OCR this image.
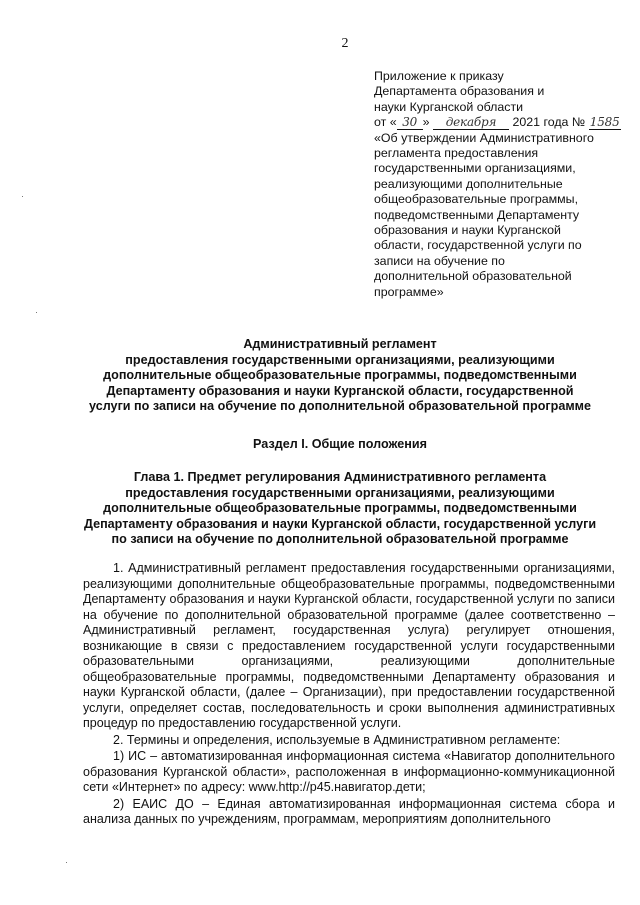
2
Приложение к приказу
Департамента образования и
науки Курганской области
от « 30 » декабря 2021 года № 1585
«Об утверждении Административного
регламента предоставления
государственными организациями,
реализующими дополнительные
общеобразовательные программы,
подведомственными Департаменту
образования и науки Курганской
области, государственной услуги по
записи на обучение по
дополнительной образовательной
программе»
Административный регламент
предоставления государственными организациями, реализующими
дополнительные общеобразовательные программы, подведомственными
Департаменту образования и науки Курганской области, государственной
услуги по записи на обучение по дополнительной образовательной программе
Раздел I. Общие положения
Глава 1. Предмет регулирования Административного регламента
предоставления государственными организациями, реализующими
дополнительные общеобразовательные программы, подведомственными
Департаменту образования и науки Курганской области, государственной услуги
по записи на обучение по дополнительной образовательной программе

1. Административный регламент предоставления государственными организациями, реализующими дополнительные общеобразовательные программы, подведомственными Департаменту образования и науки Курганской области, государственной услуги по записи на обучение по дополнительной образовательной программе (далее соответственно – Административный регламент, государственная услуга) регулирует отношения, возникающие в связи с предоставлением государственной услуги государственными образовательными организациями, реализующими дополнительные общеобразовательные программы, подведомственными Департаменту образования и науки Курганской области, (далее – Организации), при предоставлении государственной услуги, определяет состав, последовательность и сроки выполнения административных процедур по предоставлению государственной услуги.

2. Термины и определения, используемые в Административном регламенте:

1) ИС – автоматизированная информационная система «Навигатор дополнительного образования Курганской области», расположенная в информационно-коммуникационной сети «Интернет» по адресу: www.http://p45.навигатор.дети;

2) ЕАИС ДО – Единая автоматизированная информационная система сбора и анализа данных по учреждениям, программам, мероприятиям дополнительного
